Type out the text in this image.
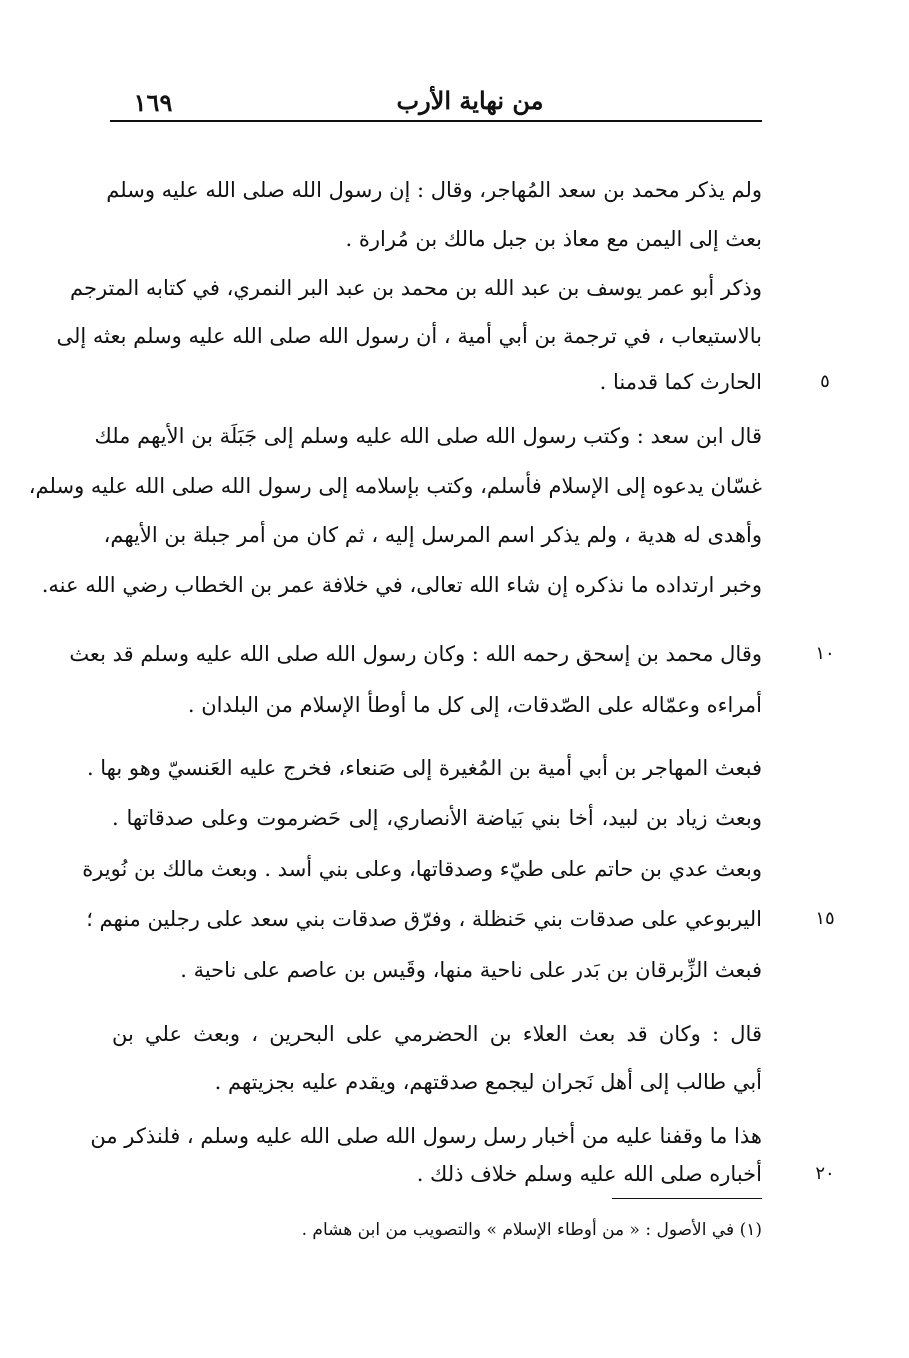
من نهاية الأرب
١٦٩
ولم يذكر محمد بن سعد المُهاجر، وقال : إن رسول الله صلى الله عليه وسلم
بعث إلى اليمن مع معاذ بن جبل مالك بن مُرارة .
وذكر أبو عمر يوسف بن عبد الله بن محمد بن عبد البر النمري، في كتابه المترجم
بالاستيعاب ، في ترجمة بن أبي أمية ، أن رسول الله صلى الله عليه وسلم بعثه إلى
الحارث كما قدمنا .
قال ابن سعد : وكتب رسول الله صلى الله عليه وسلم إلى جَبَلَة بن الأيهم ملك
غسّان يدعوه إلى الإسلام فأسلم، وكتب بإسلامه إلى رسول الله صلى الله عليه وسلم،
وأهدى له هدية ، ولم يذكر اسم المرسل إليه ، ثم كان من أمر جبلة بن الأيهم،
وخبر ارتداده ما نذكره إن شاء الله تعالى، في خلافة عمر بن الخطاب رضي الله عنه.
وقال محمد بن إسحق رحمه الله : وكان رسول الله صلى الله عليه وسلم قد بعث
أمراءه وعمّاله على الصّدقات، إلى كل ما أوطأ الإسلام من البلدان .
فبعث المهاجر بن أبي أمية بن المُغيرة إلى صَنعاء، فخرج عليه العَنسيّ وهو بها .
وبعث زياد بن لبيد، أخا بني بَياضة الأنصاري، إلى حَضرموت وعلى صدقاتها .
وبعث عدي بن حاتم على طيّء وصدقاتها، وعلى بني أسد . وبعث مالك بن نُويرة
اليربوعي على صدقات بني حَنظلة ، وفرّق صدقات بني سعد على رجلين منهم ؛
فبعث الزِّبرقان بن بَدر على ناحية منها، وقَيس بن عاصم على ناحية .
قال : وكان قد بعث العلاء بن الحضرمي على البحرين ، وبعث علي بن
أبي طالب إلى أهل نَجران ليجمع صدقتهم، ويقدم عليه بجزيتهم .
هذا ما وقفنا عليه من أخبار رسل رسول الله صلى الله عليه وسلم ، فلنذكر من
أخباره صلى الله عليه وسلم خلاف ذلك .
٥
١٠
١٥
٢٠
(١) في الأصول : « من أوطاء الإسلام » والتصويب من ابن هشام .
